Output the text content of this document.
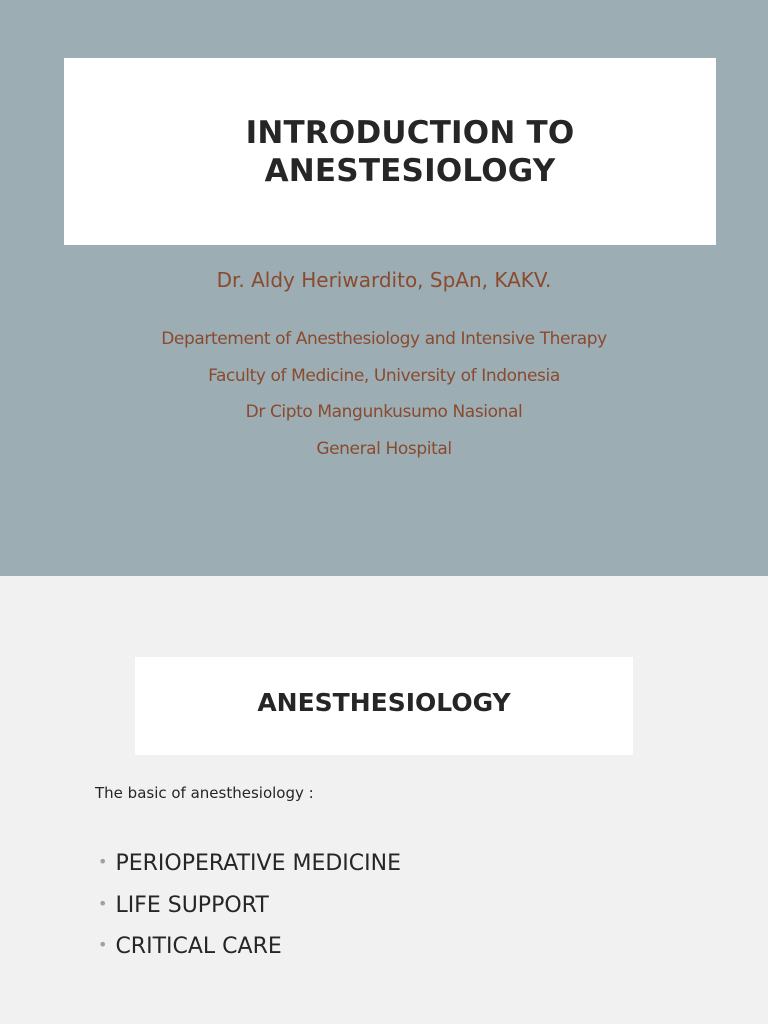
INTRODUCTION TO
ANESTESIOLOGY
Dr. Aldy Heriwardito, SpAn, KAKV.
Departement of Anesthesiology and Intensive Therapy
Faculty of Medicine, University of Indonesia
Dr Cipto Mangunkusumo Nasional
General Hospital
ANESTHESIOLOGY
The basic of anesthesiology :
• PERIOPERATIVE MEDICINE
• LIFE SUPPORT
• CRITICAL CARE
